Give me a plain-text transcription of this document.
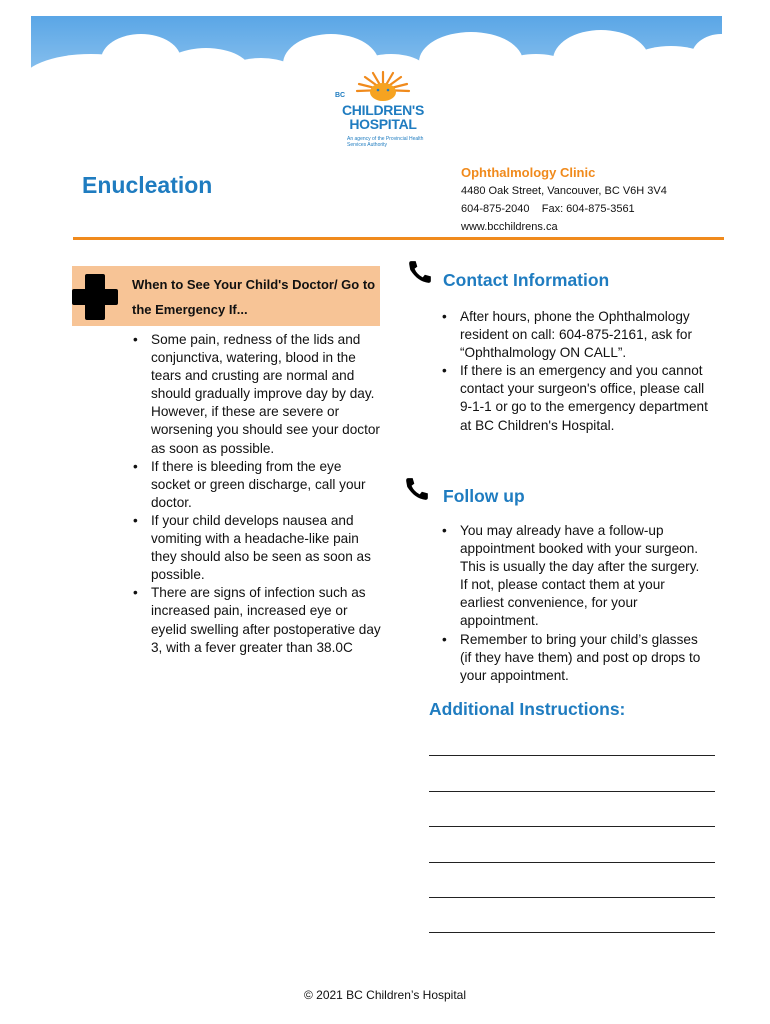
BC
CHILDREN'S
HOSPITAL
An agency of the Provincial Health Services Authority
Enucleation	Ophthalmology Clinic
4480 Oak Street, Vancouver, BC V6H 3V4
604-875-2040    Fax: 604-875-3561
www.bcchildrens.ca
When to See Your Child's Doctor/ Go to the Emergency If...
• Some pain, redness of the lids and conjunctiva, watering, blood in the tears and crusting are normal and should gradually improve day by day. However, if these are severe or worsening you should see your doctor as soon as possible.
• If there is bleeding from the eye socket or green discharge, call your doctor.
• If your child develops nausea and vomiting with a headache-like pain they should also be seen as soon as possible.
• There are signs of infection such as increased pain, increased eye or eyelid swelling after postoperative day 3, with a fever greater than 38.0C
Contact Information
• After hours, phone the Ophthalmology resident on call: 604-875-2161, ask for “Ophthalmology ON CALL”.
• If there is an emergency and you cannot contact your surgeon's office, please call 9-1-1 or go to the emergency department at BC Children's Hospital.
Follow up
• You may already have a follow-up appointment booked with your surgeon. This is usually the day after the surgery. If not, please contact them at your earliest convenience, for your appointment.
• Remember to bring your child’s glasses (if they have them) and post op drops to your appointment.
Additional Instructions:
© 2021 BC Children’s Hospital
